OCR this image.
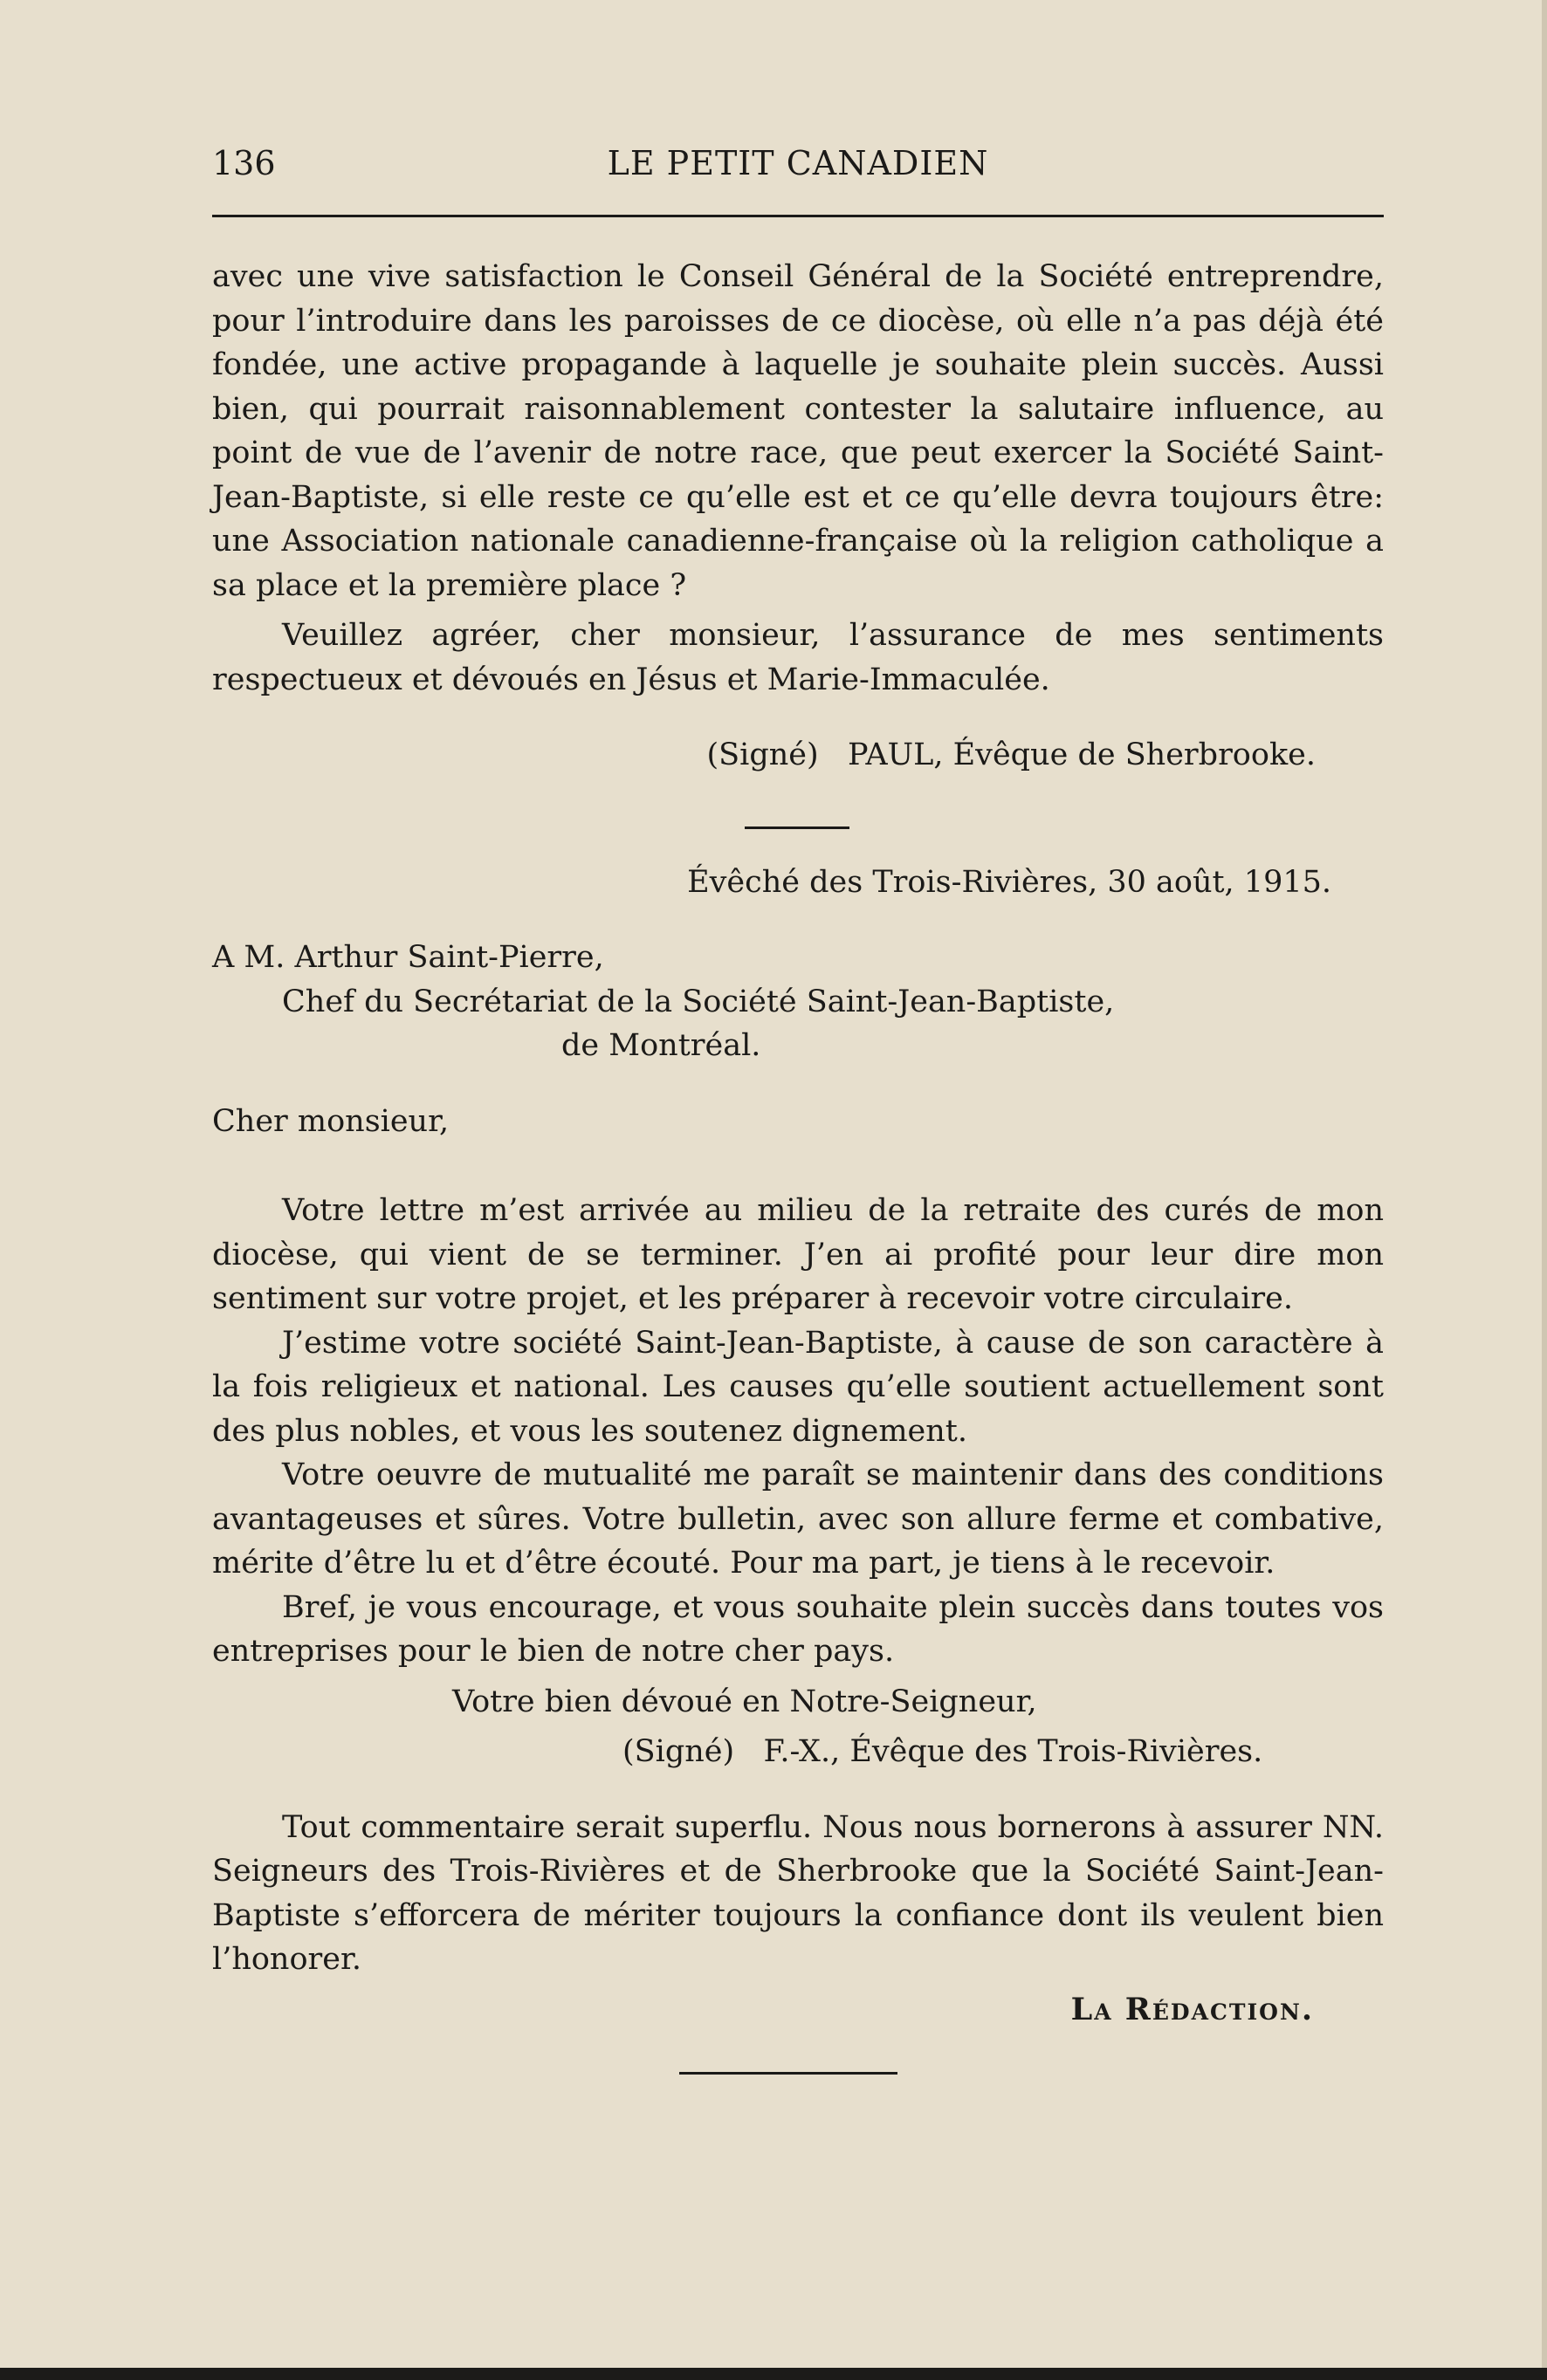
136	LE PETIT CANADIEN

avec une vive satisfaction le Conseil Général de la Société entreprendre, pour l’introduire dans les paroisses de ce diocèse, où elle n’a pas déjà été fondée, une active propagande à laquelle je souhaite plein succès. Aussi bien, qui pourrait raisonnablement contester la salutaire influence, au point de vue de l’avenir de notre race, que peut exercer la Société Saint-Jean-Baptiste, si elle reste ce qu’elle est et ce qu’elle devra toujours être: une Association nationale canadienne-française où la religion catholique a sa place et la première place ?

Veuillez agréer, cher monsieur, l’assurance de mes sentiments respectueux et dévoués en Jésus et Marie-Immaculée.

(Signé)   PAUL, Évêque de Sherbrooke.

Évêché des Trois-Rivières, 30 août, 1915.

A M. Arthur Saint-Pierre,

Chef du Secrétariat de la Société Saint-Jean-Baptiste,

de Montréal.

Cher monsieur,

Votre lettre m’est arrivée au milieu de la retraite des curés de mon diocèse, qui vient de se terminer. J’en ai profité pour leur dire mon sentiment sur votre projet, et les préparer à recevoir votre circulaire.

J’estime votre société Saint-Jean-Baptiste, à cause de son caractère à la fois religieux et national. Les causes qu’elle soutient actuellement sont des plus nobles, et vous les soutenez dignement.

Votre oeuvre de mutualité me paraît se maintenir dans des conditions avantageuses et sûres. Votre bulletin, avec son allure ferme et combative, mérite d’être lu et d’être écouté. Pour ma part, je tiens à le recevoir.

Bref, je vous encourage, et vous souhaite plein succès dans toutes vos entreprises pour le bien de notre cher pays.

Votre bien dévoué en Notre-Seigneur,

(Signé)   F.-X., Évêque des Trois-Rivières.

Tout commentaire serait superflu. Nous nous bornerons à assurer NN. Seigneurs des Trois-Rivières et de Sherbrooke que la Société Saint-Jean-Baptiste s’efforcera de mériter toujours la confiance dont ils veulent bien l’honorer.

La Rédaction.
